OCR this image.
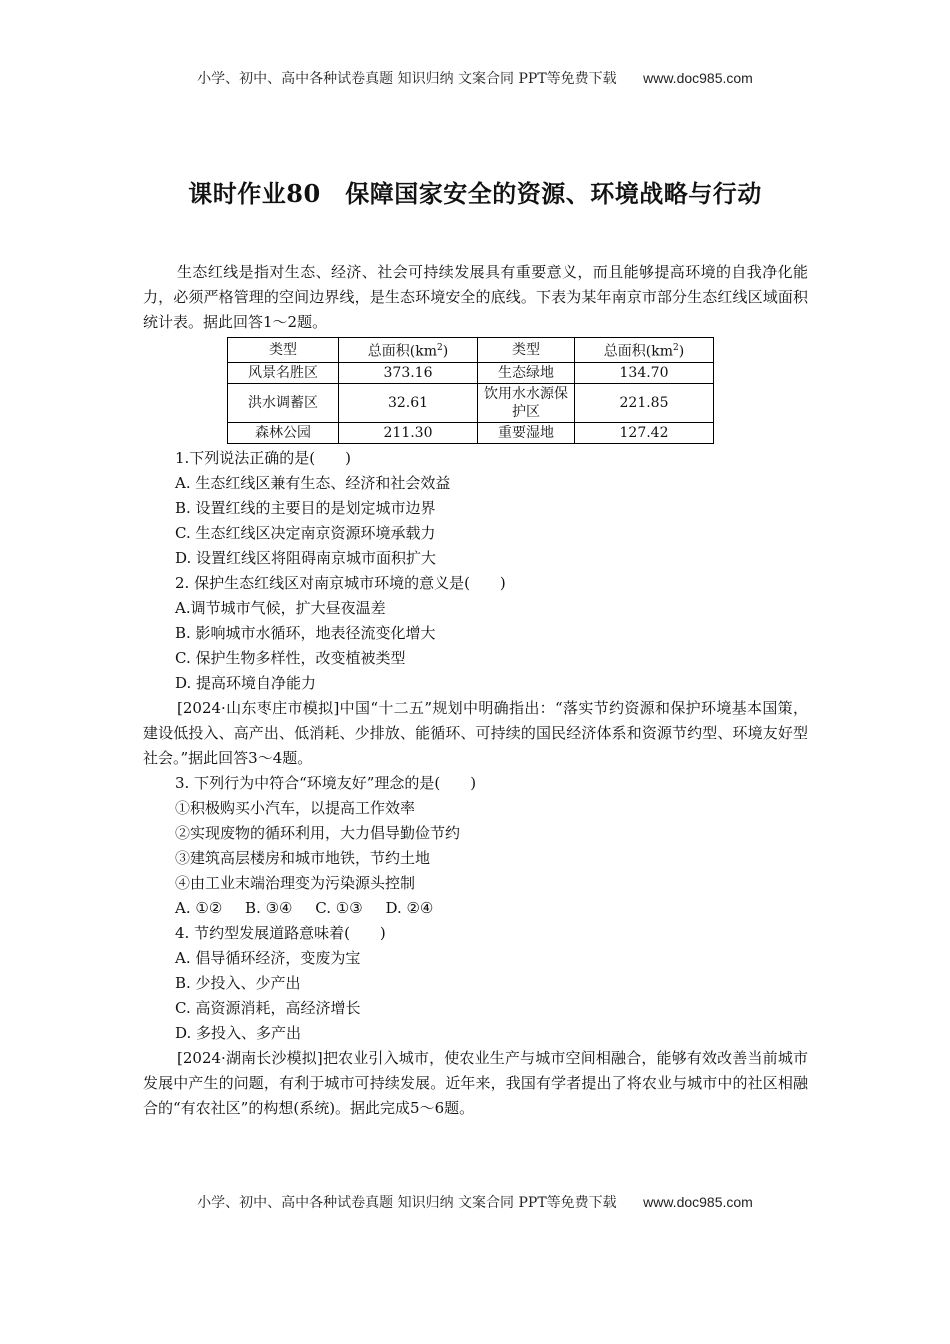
小学、初中、高中各种试卷真题 知识归纳 文案合同 PPT等免费下载 www.doc985.com
课时作业80　保障国家安全的资源、环境战略与行动

生态红线是指对生态、经济、社会可持续发展具有重要意义，而且能够提高环境的自我净化能力，必须严格管理的空间边界线，是生态环境安全的底线。下表为某年南京市部分生态红线区域面积统计表。据此回答1～2题。

类型	总面积$(km^2)$	类型	总面积$(km^2)$
风景名胜区	373.16	生态绿地	134.70
洪水调蓄区	32.61	饮用水水源保护区	221.85
森林公园	211.30	重要湿地	127.42

1.下列说法正确的是(　　)

A. 生态红线区兼有生态、经济和社会效益

B. 设置红线的主要目的是划定城市边界

C. 生态红线区决定南京资源环境承载力

D. 设置红线区将阻碍南京城市面积扩大

2. 保护生态红线区对南京城市环境的意义是(　　)

A.调节城市气候，扩大昼夜温差

B. 影响城市水循环，地表径流变化增大

C. 保护生物多样性，改变植被类型

D. 提高环境自净能力

[2024·山东枣庄市模拟]中国“十二五”规划中明确指出：“落实节约资源和保护环境基本国策，建设低投入、高产出、低消耗、少排放、能循环、可持续的国民经济体系和资源节约型、环境友好型社会。”据此回答3～4题。

3. 下列行为中符合“环境友好”理念的是(　　)

①积极购买小汽车，以提高工作效率

②实现废物的循环利用，大力倡导勤俭节约

③建筑高层楼房和城市地铁，节约土地

④由工业末端治理变为污染源头控制

A. ①② B. ③④ C. ①③ D. ②④

4. 节约型发展道路意味着(　　)

A. 倡导循环经济，变废为宝

B. 少投入、少产出

C. 高资源消耗，高经济增长

D. 多投入、多产出

[2024·湖南长沙模拟]把农业引入城市，使农业生产与城市空间相融合，能够有效改善当前城市发展中产生的问题，有利于城市可持续发展。近年来，我国有学者提出了将农业与城市中的社区相融合的“有农社区”的构想(系统)。据此完成5～6题。

小学、初中、高中各种试卷真题 知识归纳 文案合同 PPT等免费下载 www.doc985.com
